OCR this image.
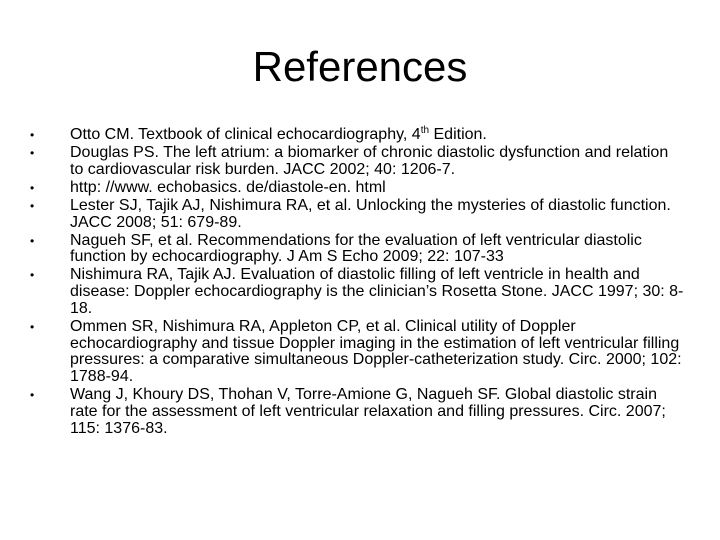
References
• Otto CM. Textbook of clinical echocardiography, 4th Edition.
• Douglas PS. The left atrium: a biomarker of chronic diastolic dysfunction and relation to cardiovascular risk burden. JACC 2002; 40: 1206-7.
• http: //www. echobasics. de/diastole-en. html
• Lester SJ, Tajik AJ, Nishimura RA, et al. Unlocking the mysteries of diastolic function. JACC 2008; 51: 679-89.
• Nagueh SF, et al. Recommendations for the evaluation of left ventricular diastolic function by echocardiography. J Am S Echo 2009; 22: 107-33
• Nishimura RA, Tajik AJ. Evaluation of diastolic filling of left ventricle in health and disease: Doppler echocardiography is the clinician’s Rosetta Stone. JACC 1997; 30: 8-18.
• Ommen SR, Nishimura RA, Appleton CP, et al. Clinical utility of Doppler echocardiography and tissue Doppler imaging in the estimation of left ventricular filling pressures: a comparative simultaneous Doppler-catheterization study. Circ. 2000; 102: 1788-94.
• Wang J, Khoury DS, Thohan V, Torre-Amione G, Nagueh SF. Global diastolic strain rate for the assessment of left ventricular relaxation and filling pressures. Circ. 2007; 115: 1376-83.
